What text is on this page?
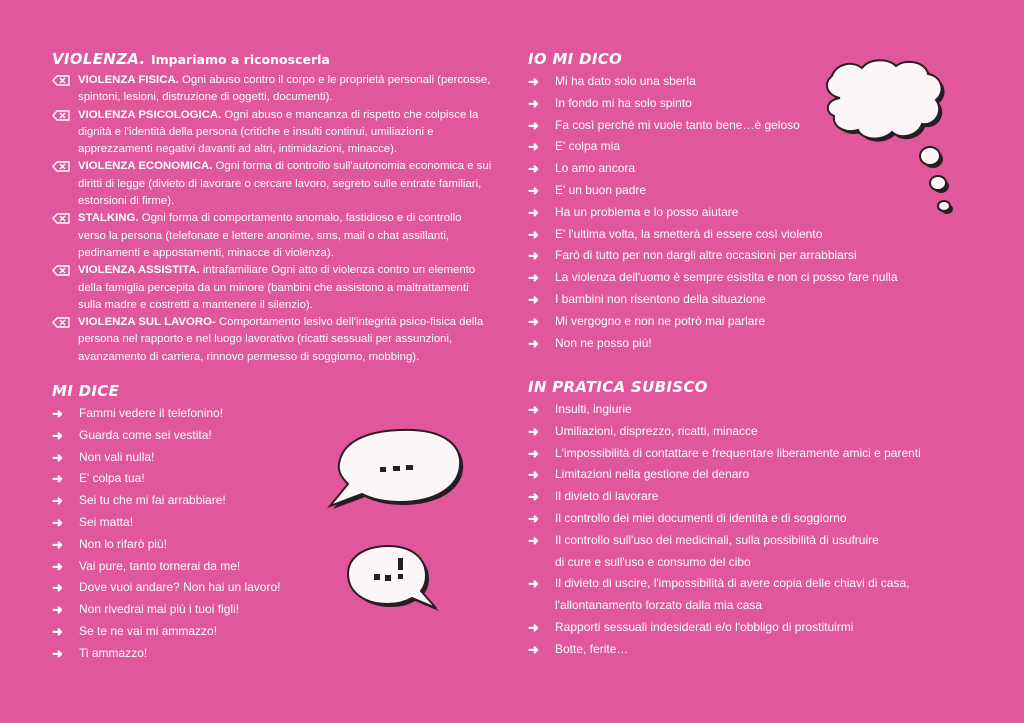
VIOLENZA. Impariamo a riconoscerla
VIOLENZA FISICA. Ogni abuso contro il corpo e le proprietà personali (percosse, spintoni, lesioni, distruzione di oggetti, documenti).
VIOLENZA PSICOLOGICA. Ogni abuso e mancanza di rispetto che colpisce la dignità e l'identità della persona (critiche e insulti continui, umiliazioni e apprezzamenti negativi davanti ad altri, intimidazioni, minacce).
VIOLENZA ECONOMICA. Ogni forma di controllo sull'autonomia economica e sui diritti di legge (divieto di lavorare o cercare lavoro, segreto sulle entrate familiari, estorsioni di firme).
STALKING. Ogni forma di comportamento anomalo, fastidioso e di controllo verso la persona (telefonate e lettere anonime, sms, mail o chat assillanti, pedinamenti e appostamenti, minacce di violenza).
VIOLENZA ASSISTITA. intrafamiliare Ogni atto di violenza contro un elemento della famiglia percepita da un minore (bambini che assistono a maltrattamenti sulla madre e costretti a mantenere il silenzio).
VIOLENZA SUL LAVORO- Comportamento lesivo dell'integrità psico-fisica della persona nel rapporto e nel luogo lavorativo (ricatti sessuali per assunzioni, avanzamento di carriera, rinnovo permesso di soggiorno, mobbing).
MI DICE
➜ Fammi vedere il telefonino!
➜ Guarda come sei vestita!
➜ Non vali nulla!
➜ E' colpa tua!
➜ Sei tu che mi fai arrabbiare!
➜ Sei matta!
➜ Non lo rifarò più!
➜ Vai pure, tanto tornerai da me!
➜ Dove vuoi andare? Non hai un lavoro!
➜ Non rivedrai mai più i tuoi figli!
➜ Se te ne vai mi ammazzo!
➜ Ti ammazzo!
IO MI DICO
➜ Mi ha dato solo una sberla
➜ In fondo mi ha solo spinto
➜ Fa così perché mi vuole tanto bene…è geloso
➜ E' colpa mia
➜ Lo amo ancora
➜ E' un buon padre
➜ Ha un problema e lo posso aiutare
➜ E' l'ultima volta, la smetterà di essere così violento
➜ Farò di tutto per non dargli altre occasioni per arrabbiarsi
➜ La violenza dell'uomo è sempre esistita e non ci posso fare nulla
➜ I bambini non risentono della situazione
➜ Mi vergogno e non ne potrò mai parlare
➜ Non ne posso più!
IN PRATICA SUBISCO
➜ Insulti, ingiurie
➜ Umiliazioni, disprezzo, ricatti, minacce
➜ L'impossibilità di contattare e frequentare liberamente amici e parenti
➜ Limitazioni nella gestione del denaro
➜ Il divieto di lavorare
➜ Il controllo dei miei documenti di identità e di soggiorno
➜ Il controllo sull'uso dei medicinali, sulla possibilità di usufruire
di cure e sull'uso e consumo del cibo
➜ Il divieto di uscire, l'impossibilità di avere copia delle chiavi di casa,
l'allontanamento forzato dalla mia casa
➜ Rapporti sessuali indesiderati e/o l'obbligo di prostituirmi
➜ Botte, ferite…
